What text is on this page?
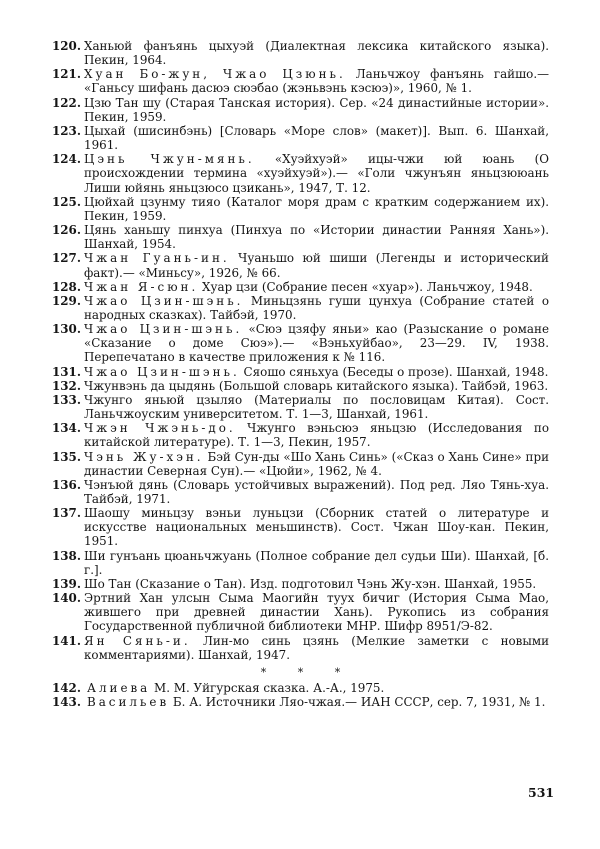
120. Ханьюй фанъянь цыхуэй (Диалектная лексика китайского языка). Пекин, 1964.
121. Хуан Бо-жун, Чжао Цзюнь. Ланьчжоу фанъянь гайшо.— «Ганьсу шифань дасюэ сюэбао (жэньвэнь кэсюэ)», 1960, № 1.
122. Цзю Тан шу (Старая Танская история). Сер. «24 династийные истории». Пекин, 1959.
123. Цыхай (шисинбэнь) [Словарь «Море слов» (макет)]. Вып. 6. Шанхай, 1961.
124. Цэнь Чжун-мянь. «Хуэйхуэй» ицы-чжи юй юань (О происхождении термина «хуэйхуэй»).— «Голи чжунъян яньцзююань Лиши юйянь яньцзюсо цзикань», 1947, Т. 12.
125. Цюйхай цзунму тияо (Каталог моря драм с кратким содержанием их). Пекин, 1959.
126. Цянь ханьшу пинхуа (Пинхуа по «Истории династии Ранняя Хань»). Шанхай, 1954.
127. Чжан Гуань-ин. Чуаньшо юй шиши (Легенды и исторический факт).— «Миньсу», 1926, № 66.
128. Чжан Я-сюн. Хуар цзи (Собрание песен «хуар»). Ланьчжоу, 1948.
129. Чжао Цзин-шэнь. Миньцзянь гуши цунхуа (Собрание статей о народных сказках). Тайбэй, 1970.
130. Чжао Цзин-шэнь. «Сюэ цзяфу яньи» као (Разыскание о романе «Сказание о доме Сюэ»).— «Вэньхуйбао», 23—29. IV, 1938. Перепечатано в качестве приложения к № 116.
131. Чжао Цзин-шэнь. Сяошо сяньхуа (Беседы о прозе). Шанхай, 1948.
132. Чжунвэнь да цыдянь (Большой словарь китайского языка). Тайбэй, 1963.
133. Чжунго яньюй цзыляо (Материалы по пословицам Китая). Сост. Ланьчжоуским университетом. Т. 1—3, Шанхай, 1961.
134. Чжэн Чжэнь-до. Чжунго вэньсюэ яньцзю (Исследования по китайской литературе). Т. 1—3, Пекин, 1957.
135. Чэнь Жу-хэн. Бэй Сун-ды «Шо Хань Синь» («Сказ о Хань Сине» при династии Северная Сун).— «Цюйи», 1962, № 4.
136. Чэнъюй дянь (Словарь устойчивых выражений). Под ред. Ляо Тянь-хуа. Тайбэй, 1971.
137. Шаошу миньцзу вэньи луньцзи (Сборник статей о литературе и искусстве национальных меньшинств). Сост. Чжан Шоу-кан. Пекин, 1951.
138. Ши гунъань цюаньчжуань (Полное собрание дел судьи Ши). Шанхай, [б. г.].
139. Шо Тан (Сказание о Тан). Изд. подготовил Чэнь Жу-хэн. Шанхай, 1955.
140. Эртний Хан улсын Сыма Маогийн тууx бичиг (История Сыма Мао, жившего при древней династии Хань). Рукопись из собрания Государственной публичной библиотеки МНР. Шифр 8951/Э-82.
141. Ян Сянь-и. Лин-мо синь цзянь (Мелкие заметки с новыми комментариями). Шанхай, 1947.
* * *
142. Алиева М. М. Уйгурская сказка. А.-А., 1975.
143. Васильев Б. А. Источники Ляо-чжая.— ИАН СССР, сер. 7, 1931, № 1.
531
